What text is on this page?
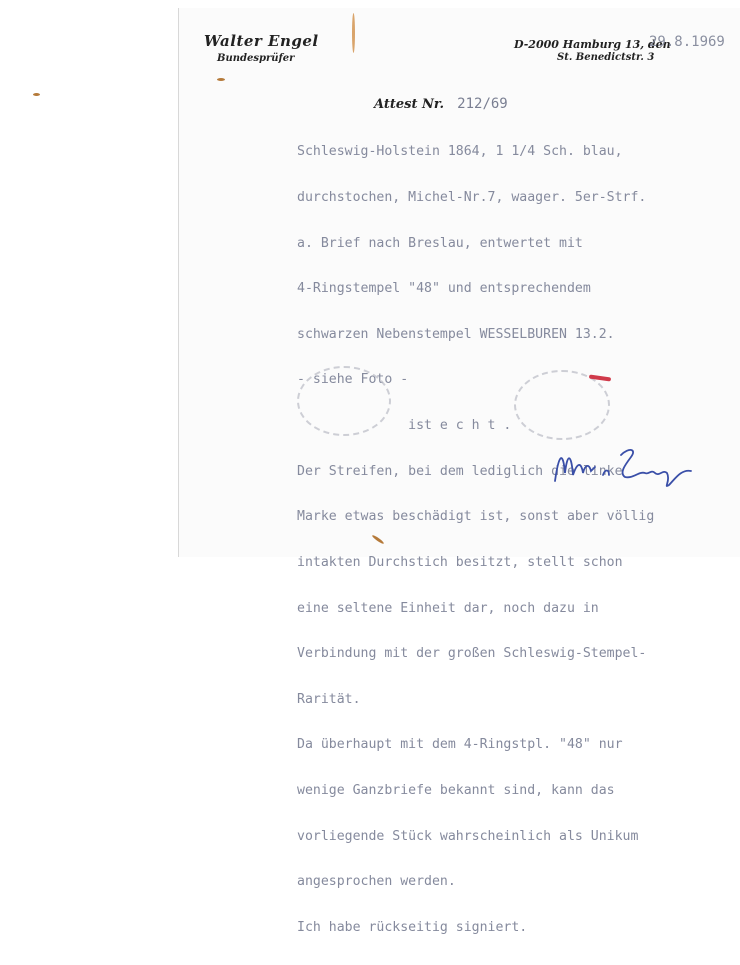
Walter Engel
Bundesprüfer
D-2000 Hamburg 13, den
29.8.1969
St. Benedictstr. 3
Attest Nr. 212/69

Schleswig-Holstein 1864, 1 1/4 Sch. blau,

durchstochen, Michel-Nr.7, waager. 5er-Strf.

a. Brief nach Breslau, entwertet mit

4-Ringstempel "48" und entsprechendem

schwarzen Nebenstempel WESSELBUREN 13.2.

- siehe Foto -

ist e c h t .

Der Streifen, bei dem lediglich die linke

Marke etwas beschädigt ist, sonst aber völlig

intakten Durchstich besitzt, stellt schon

eine seltene Einheit dar, noch dazu in

Verbindung mit der großen Schleswig-Stempel-

Rarität.

Da überhaupt mit dem 4-Ringstpl. "48" nur

wenige Ganzbriefe bekannt sind, kann das

vorliegende Stück wahrscheinlich als Unikum

angesprochen werden.

Ich habe rückseitig signiert.
